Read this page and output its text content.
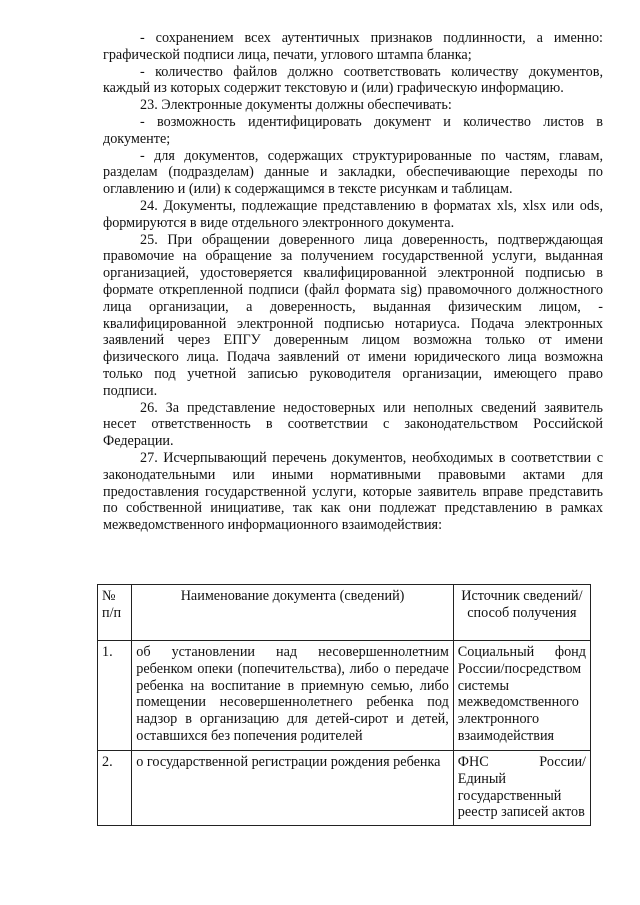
- сохранением всех аутентичных признаков подлинности, а именно: графической подписи лица, печати, углового штампа бланка;

- количество файлов должно соответствовать количеству документов, каждый из которых содержит текстовую и (или) графическую информацию.

23. Электронные документы должны обеспечивать:

- возможность идентифицировать документ и количество листов в документе;

- для документов, содержащих структурированные по частям, главам, разделам (подразделам) данные и закладки, обеспечивающие переходы по оглавлению и (или) к содержащимся в тексте рисункам и таблицам.

24. Документы, подлежащие представлению в форматах xls, xlsx или ods, формируются в виде отдельного электронного документа.

25. При обращении доверенного лица доверенность, подтверждающая правомочие на обращение за получением государственной услуги, выданная организацией, удостоверяется квалифицированной электронной подписью в формате открепленной подписи (файл формата sig) правомочного должностного лица организации, а доверенность, выданная физическим лицом, - квалифицированной электронной подписью нотариуса. Подача электронных заявлений через ЕПГУ доверенным лицом возможна только от имени физического лица. Подача заявлений от имени юридического лица возможна только под учетной записью руководителя организации, имеющего право подписи.

26. За представление недостоверных или неполных сведений заявитель несет ответственность в соответствии с законодательством Российской Федерации.

27. Исчерпывающий перечень документов, необходимых в соответствии с законодательными или иными нормативными правовыми актами для предоставления государственной услуги, которые заявитель вправе представить по собственной инициативе, так как они подлежат представлению в рамках межведомственного информационного взаимодействия:

№ п/п	Наименование документа (сведений)	Источник сведений/способ получения
1.	об установлении над несовершеннолетним ребенком опеки (попечительства), либо о передаче ребенка на воспитание в приемную семью, либо помещении несовершеннолетнего ребенка под надзор в организацию для детей-сирот и детей, оставшихся без попечения родителей	Социальный фонд России/посредством системы межведомственного электронного взаимодействия
2.	о государственной регистрации рождения ребенка	ФНС России/Единый государственный реестр записей актов
